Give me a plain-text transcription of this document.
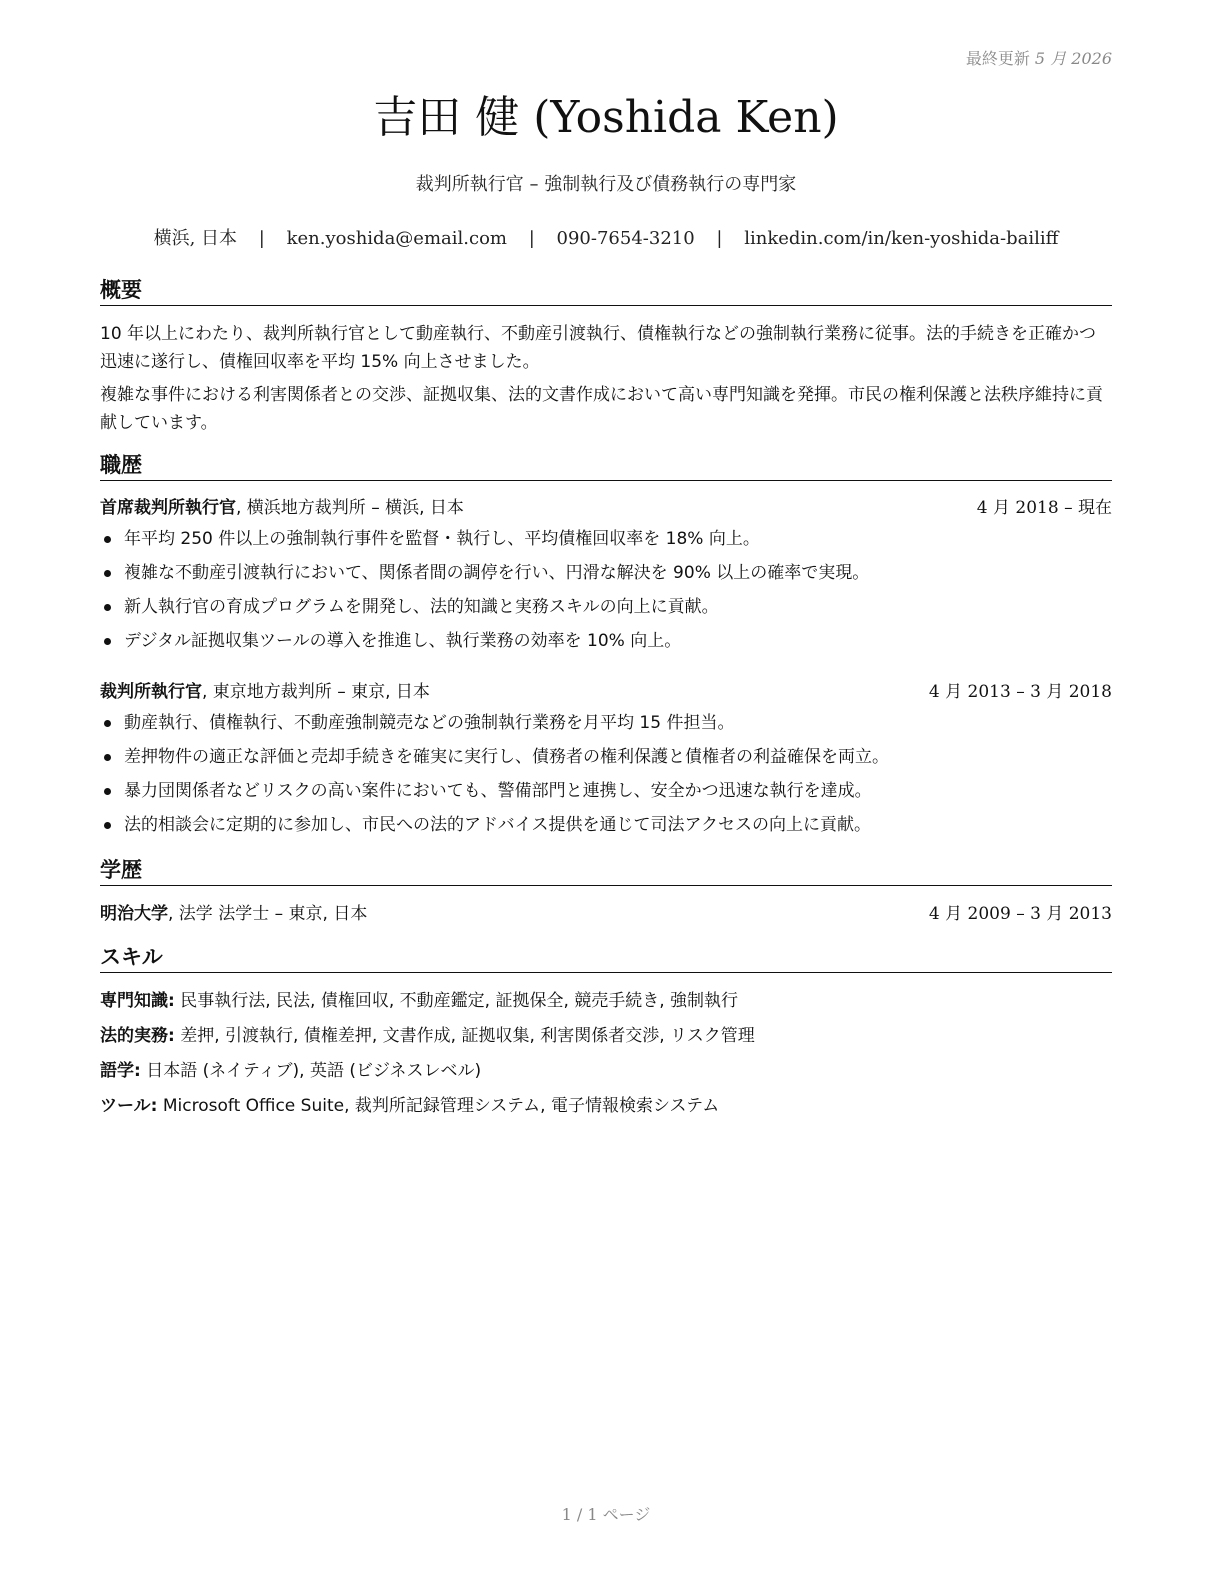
最終更新 5 月 2026
吉田 健 (Yoshida Ken)
裁判所執行官 – 強制執行及び債務執行の専門家
横浜, 日本 | ken.yoshida@email.com | 090-7654-3210 | linkedin.com/in/ken-yoshida-bailiff
概要

10 年以上にわたり、裁判所執行官として動産執行、不動産引渡執行、債権執行などの強制執行業務に従事。法的手続きを正確かつ迅速に遂行し、債権回収率を平均 15% 向上させました。

複雑な事件における利害関係者との交渉、証拠収集、法的文書作成において高い専門知識を発揮。市民の権利保護と法秩序維持に貢献しています。

職歴
首席裁判所執行官, 横浜地方裁判所 – 横浜, 日本	4 月 2018 – 現在
年平均 250 件以上の強制執行事件を監督・執行し、平均債権回収率を 18% 向上。
複雑な不動産引渡執行において、関係者間の調停を行い、円滑な解決を 90% 以上の確率で実現。
新人執行官の育成プログラムを開発し、法的知識と実務スキルの向上に貢献。
デジタル証拠収集ツールの導入を推進し、執行業務の効率を 10% 向上。
裁判所執行官, 東京地方裁判所 – 東京, 日本	4 月 2013 – 3 月 2018
動産執行、債権執行、不動産強制競売などの強制執行業務を月平均 15 件担当。
差押物件の適正な評価と売却手続きを確実に実行し、債務者の権利保護と債権者の利益確保を両立。
暴力団関係者などリスクの高い案件においても、警備部門と連携し、安全かつ迅速な執行を達成。
法的相談会に定期的に参加し、市民への法的アドバイス提供を通じて司法アクセスの向上に貢献。
学歴
明治大学, 法学 法学士 – 東京, 日本	4 月 2009 – 3 月 2013
スキル
専門知識: 民事執行法, 民法, 債権回収, 不動産鑑定, 証拠保全, 競売手続き, 強制執行
法的実務: 差押, 引渡執行, 債権差押, 文書作成, 証拠収集, 利害関係者交渉, リスク管理
語学: 日本語 (ネイティブ), 英語 (ビジネスレベル)
ツール: Microsoft Office Suite, 裁判所記録管理システム, 電子情報検索システム
1 / 1 ページ
